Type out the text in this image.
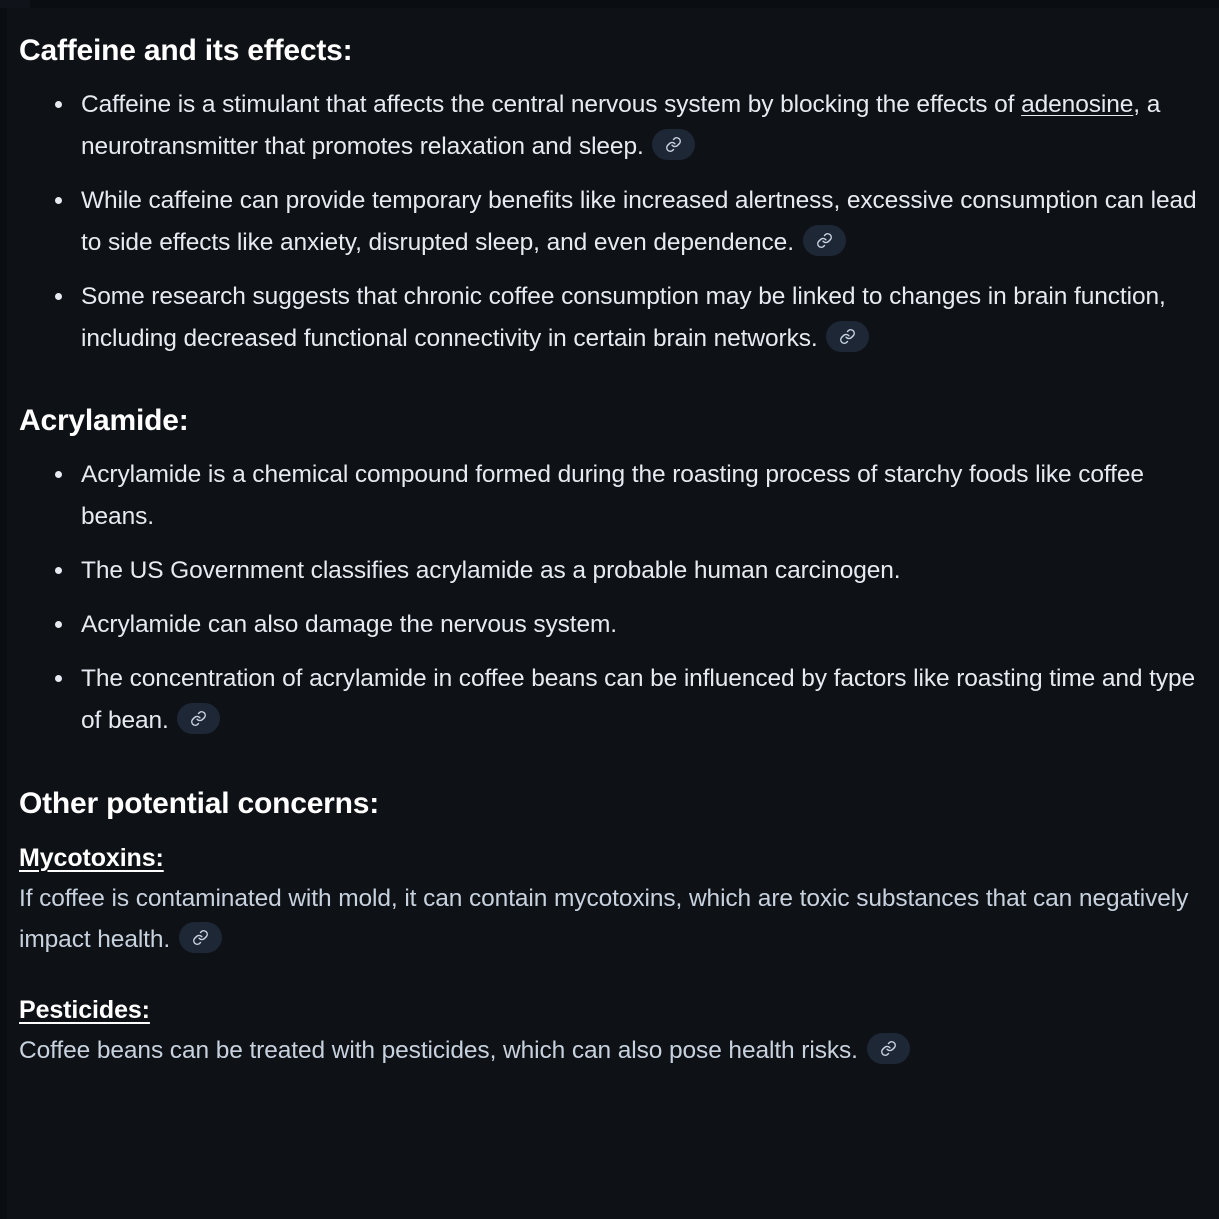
Caffeine and its effects:
Caffeine is a stimulant that affects the central nervous system by blocking the effects of adenosine, a neurotransmitter that promotes relaxation and sleep.
While caffeine can provide temporary benefits like increased alertness, excessive consumption can lead to side effects like anxiety, disrupted sleep, and even dependence.
Some research suggests that chronic coffee consumption may be linked to changes in brain function, including decreased functional connectivity in certain brain networks.
Acrylamide:
Acrylamide is a chemical compound formed during the roasting process of starchy foods like coffee beans.
The US Government classifies acrylamide as a probable human carcinogen.
Acrylamide can also damage the nervous system.
The concentration of acrylamide in coffee beans can be influenced by factors like roasting time and type of bean.
Other potential concerns:
Mycotoxins:

If coffee is contaminated with mold, it can contain mycotoxins, which are toxic substances that can negatively impact health.

Pesticides:

Coffee beans can be treated with pesticides, which can also pose health risks.
